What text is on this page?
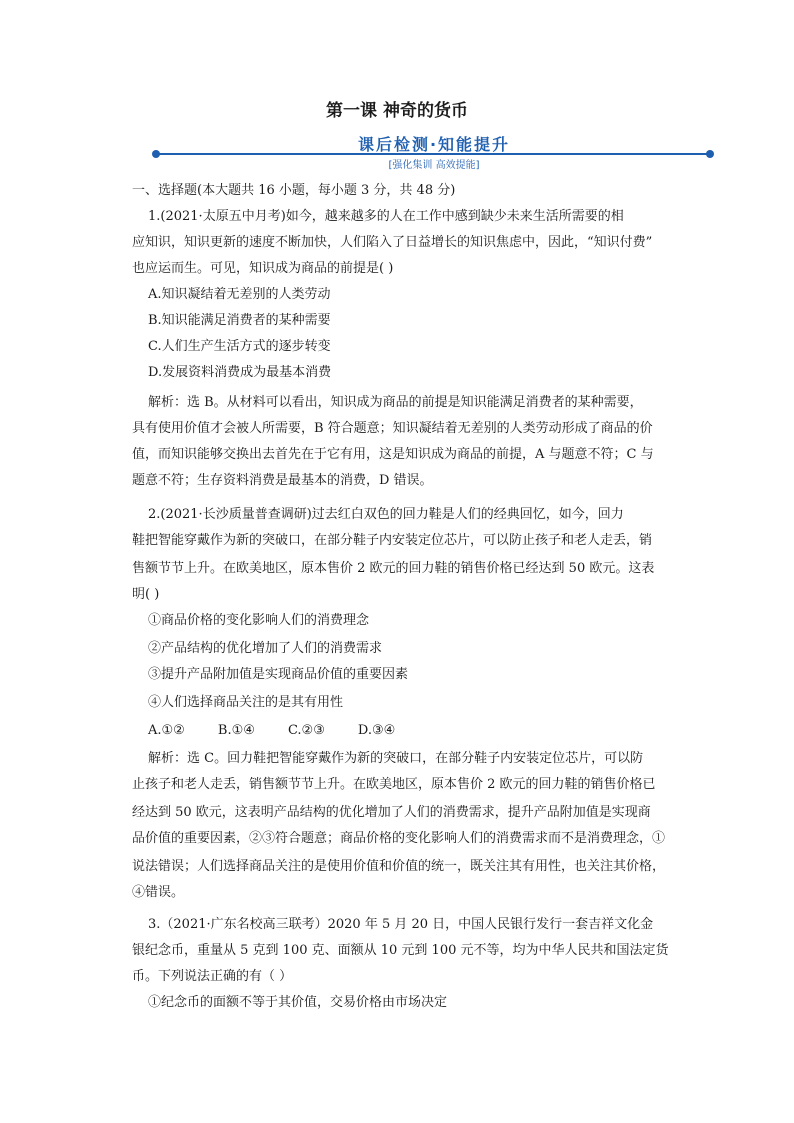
第一课 神奇的货币
课后检测·知能提升
[强化集训 高效提能]
一、选择题(本大题共 16 小题，每小题 3 分，共 48 分)
1.(2021·太原五中月考)如今，越来越多的人在工作中感到缺少未来生活所需要的相
应知识，知识更新的速度不断加快，人们陷入了日益增长的知识焦虑中，因此，“知识付费”
也应运而生。可见，知识成为商品的前提是( )
A.知识凝结着无差别的人类劳动
B.知识能满足消费者的某种需要
C.人们生产生活方式的逐步转变
D.发展资料消费成为最基本消费
解析：选 B。从材料可以看出，知识成为商品的前提是知识能满足消费者的某种需要，
具有使用价值才会被人所需要，B 符合题意；知识凝结着无差别的人类劳动形成了商品的价
值，而知识能够交换出去首先在于它有用，这是知识成为商品的前提，A 与题意不符；C 与
题意不符；生存资料消费是最基本的消费，D 错误。
2.(2021·长沙质量普查调研)过去红白双色的回力鞋是人们的经典回忆，如今，回力
鞋把智能穿戴作为新的突破口，在部分鞋子内安装定位芯片，可以防止孩子和老人走丢，销
售额节节上升。在欧美地区，原本售价 2 欧元的回力鞋的销售价格已经达到 50 欧元。这表
明( )
①商品价格的变化影响人们的消费理念
②产品结构的优化增加了人们的消费需求
③提升产品附加值是实现商品价值的重要因素
④人们选择商品关注的是其有用性
A.①②        B.①④        C.②③        D.③④
解析：选 C。回力鞋把智能穿戴作为新的突破口，在部分鞋子内安装定位芯片，可以防
止孩子和老人走丢，销售额节节上升。在欧美地区，原本售价 2 欧元的回力鞋的销售价格已
经达到 50 欧元，这表明产品结构的优化增加了人们的消费需求，提升产品附加值是实现商
品价值的重要因素，②③符合题意；商品价格的变化影响人们的消费需求而不是消费理念，①
说法错误；人们选择商品关注的是使用价值和价值的统一，既关注其有用性，也关注其价格，
④错误。
3.（2021·广东名校高三联考）2020 年 5 月 20 日，中国人民银行发行一套吉祥文化金
银纪念币，重量从 5 克到 100 克、面额从 10 元到 100 元不等，均为中华人民共和国法定货
币。下列说法正确的有（ ）
①纪念币的面额不等于其价值，交易价格由市场决定
